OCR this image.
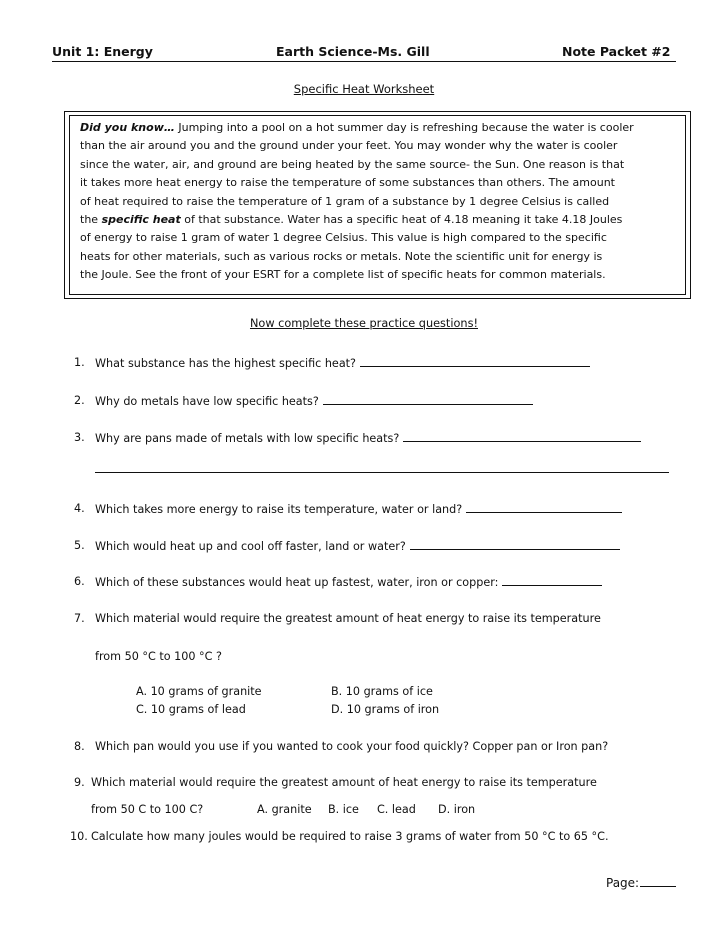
Unit 1: Energy	Earth Science-Ms. Gill	Note Packet #2
Specific Heat Worksheet
Did you know… Jumping into a pool on a hot summer day is refreshing because the water is cooler
than the air around you and the ground under your feet. You may wonder why the water is cooler
since the water, air, and ground are being heated by the same source- the Sun. One reason is that
it takes more heat energy to raise the temperature of some substances than others. The amount
of heat required to raise the temperature of 1 gram of a substance by 1 degree Celsius is called
the specific heat of that substance. Water has a specific heat of 4.18 meaning it take 4.18 Joules
of energy to raise 1 gram of water 1 degree Celsius. This value is high compared to the specific
heats for other materials, such as various rocks or metals. Note the scientific unit for energy is
the Joule. See the front of your ESRT for a complete list of specific heats for common materials.
Now complete these practice questions!
1. What substance has the highest specific heat?
2. Why do metals have low specific heats?
3. Why are pans made of metals with low specific heats?
4. Which takes more energy to raise its temperature, water or land?
5. Which would heat up and cool off faster, land or water?
6. Which of these substances would heat up fastest, water, iron or copper:
7. Which material would require the greatest amount of heat energy to raise its temperature
from 50 °C to 100 °C ?
A. 10 grams of granite	B. 10 grams of ice
C. 10 grams of lead	D. 10 grams of iron
8. Which pan would you use if you wanted to cook your food quickly? Copper pan or Iron pan?
9. Which material would require the greatest amount of heat energy to raise its temperature
from 50 C to 100 C?	A. granite B. ice C. lead D. iron
10. Calculate how many joules would be required to raise 3 grams of water from 50 °C to 65 °C.
Page:
